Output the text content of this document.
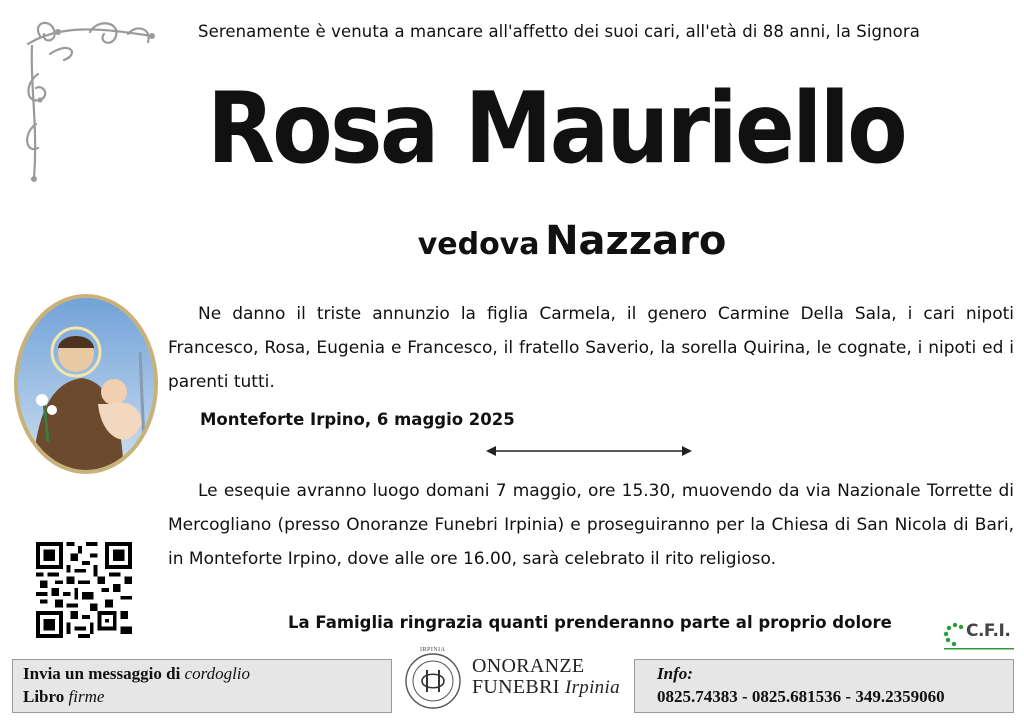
Serenamente è venuta a mancare all'affetto dei suoi cari, all'età di 88 anni, la Signora
Rosa Mauriello
vedova Nazzaro
Ne danno il triste annunzio la figlia Carmela, il genero Carmine Della Sala, i cari nipoti Francesco, Rosa, Eugenia e Francesco, il fratello Saverio, la sorella Quirina, le cognate, i nipoti ed i parenti tutti.
Monteforte Irpino, 6 maggio 2025
Le esequie avranno luogo domani 7 maggio, ore 15.30, muovendo da via Nazionale Torrette di Mercogliano (presso Onoranze Funebri Irpinia) e proseguiranno per la Chiesa di San Nicola di Bari, in Monteforte Irpino, dove alle ore 16.00, sarà celebrato il rito religioso.
La Famiglia ringrazia quanti prenderanno parte al proprio dolore	C.F.I.
Invia un messaggio di cordoglio
Libro firme
IRPINIA
ONORANZE
FUNEBRI Irpinia
Info:
0825.74383 - 0825.681536 - 349.2359060
